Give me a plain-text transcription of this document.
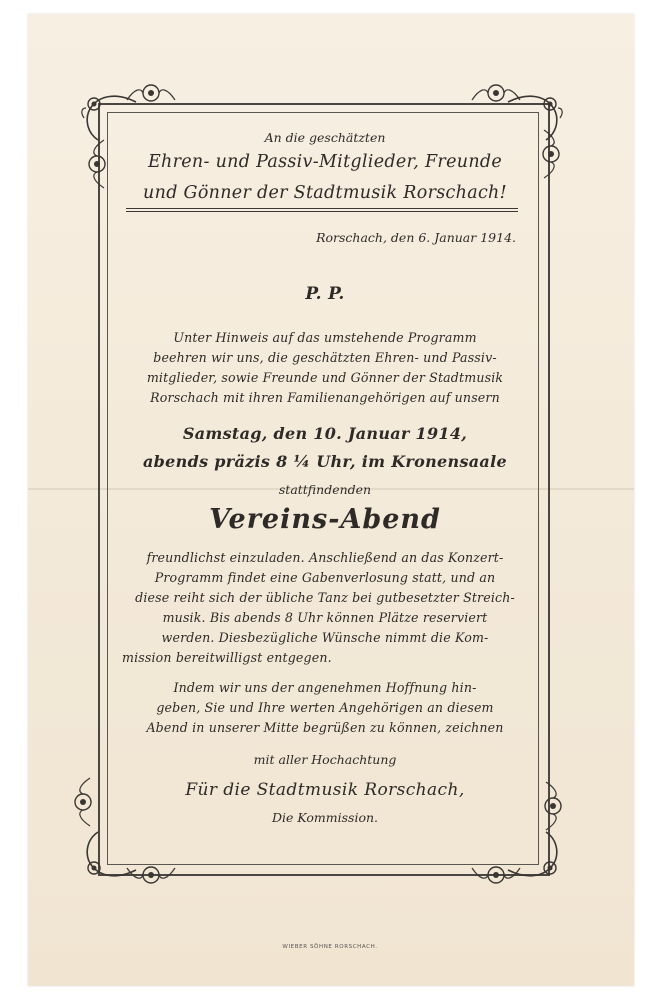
An die geschätzten
Ehren- und Passiv-Mitglieder, Freunde
und Gönner der Stadtmusik Rorschach!
Rorschach, den 6. Januar 1914.
P. P.
Unter Hinweis auf das umstehende Programm
beehren wir uns, die geschätzten Ehren- und Passiv-
mitglieder, sowie Freunde und Gönner der Stadtmusik
Rorschach mit ihren Familienangehörigen auf unsern
Samstag, den 10. Januar 1914,
abends präzis 8 ¼ Uhr, im Kronensaale
stattfindenden
Vereins-Abend
freundlichst einzuladen. Anschließend an das Konzert-
Programm findet eine Gabenverlosung statt, und an
diese reiht sich der übliche Tanz bei gutbesetzter Streich-
musik. Bis abends 8 Uhr können Plätze reserviert
werden. Diesbezügliche Wünsche nimmt die Kom-
mission bereitwilligst entgegen.
Indem wir uns der angenehmen Hoffnung hin-
geben, Sie und Ihre werten Angehörigen an diesem
Abend in unserer Mitte begrüßen zu können, zeichnen
mit aller Hochachtung
Für die Stadtmusik Rorschach,
Die Kommission.
WIEBER SÖHNE RORSCHACH.
